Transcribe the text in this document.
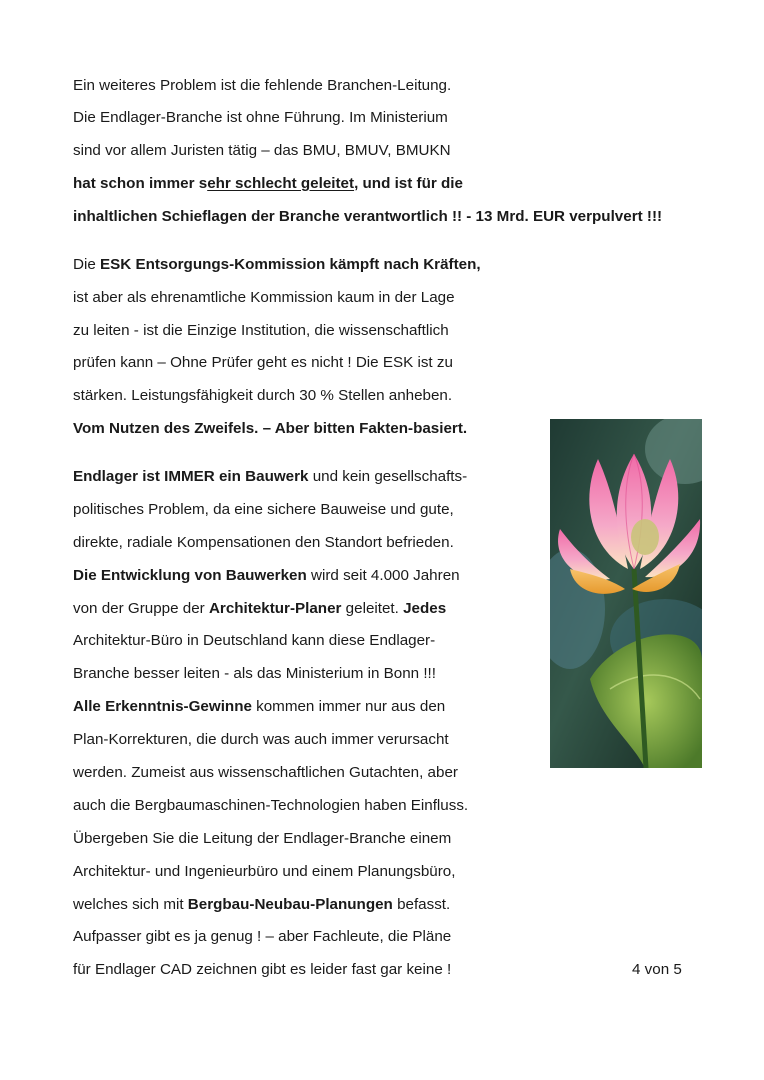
Ein weiteres Problem ist die fehlende Branchen-Leitung.
Die Endlager-Branche ist ohne Führung. Im Ministerium
sind vor allem Juristen tätig – das BMU, BMUV, BMUKN
hat schon immer sehr schlecht geleitet, und ist für die
inhaltlichen Schieflagen der Branche verantwortlich !! - 13 Mrd. EUR verpulvert !!!
Die ESK Entsorgungs-Kommission kämpft nach Kräften,
ist aber als ehrenamtliche Kommission kaum in der Lage
zu leiten - ist die Einzige Institution, die wissenschaftlich
prüfen kann – Ohne Prüfer geht es nicht ! Die ESK ist zu
stärken. Leistungsfähigkeit durch 30 % Stellen anheben.
Vom Nutzen des Zweifels. – Aber bitten Fakten-basiert.
Endlager ist IMMER ein Bauwerk und kein gesellschafts-
politisches Problem, da eine sichere Bauweise und gute,
direkte, radiale Kompensationen den Standort befrieden.
Die Entwicklung von Bauwerken wird seit 4.000 Jahren
von der Gruppe der Architektur-Planer geleitet. Jedes
Architektur-Büro in Deutschland kann diese Endlager-
Branche besser leiten - als das Ministerium in Bonn !!!
Alle Erkenntnis-Gewinne kommen immer nur aus den
Plan-Korrekturen, die durch was auch immer verursacht
werden. Zumeist aus wissenschaftlichen Gutachten, aber
auch die Bergbaumaschinen-Technologien haben Einfluss.
Übergeben Sie die Leitung der Endlager-Branche einem
Architektur- und Ingenieurbüro und einem Planungsbüro,
welches sich mit Bergbau-Neubau-Planungen befasst.
Aufpasser gibt es ja genug ! – aber Fachleute, die Pläne
für Endlager CAD zeichnen gibt es leider fast gar keine !	4 von 5
